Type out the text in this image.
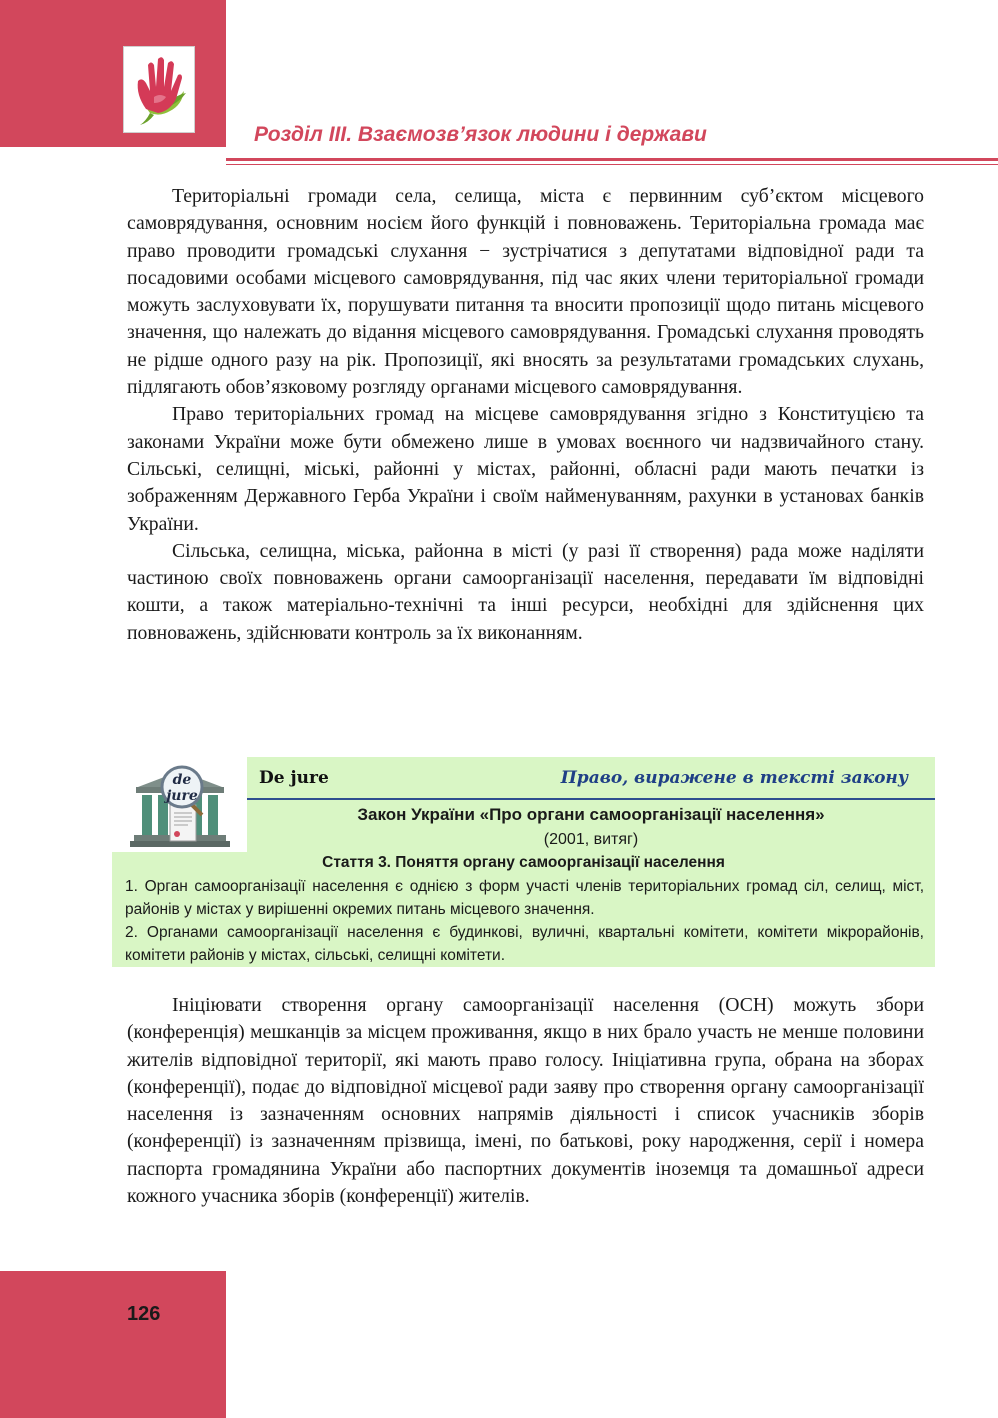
Розділ ІІІ. Взаємозв’язок людини і держави

Територіальні громади села, селища, міста є первинним суб’єктом місцевого самоврядування, основним носієм його функцій і повноважень. Територіальна громада має право проводити громадські слухання − зустрічатися з депутатами відповідної ради та посадовими особами місцевого самоврядування, під час яких члени територіальної громади можуть заслуховувати їх, порушувати питання та вносити пропозиції щодо питань місцевого значення, що належать до відання місцевого самоврядування. Громадські слухання проводять не рідше одного разу на рік. Пропозиції, які вносять за результатами громадських слухань, підлягають обов’язковому розгляду органами місцевого самоврядування.

Право територіальних громад на місцеве самоврядування згідно з Конституцією та законами України може бути обмежено лише в умовах воєнного чи надзвичайного стану. Сільські, селищні, міські, районні у містах, районні, обласні ради мають печатки із зображенням Державного Герба України і своїм найменуванням, рахунки в установах банків України.

Сільська, селищна, міська, районна в місті (у разі її створення) рада може наділяти частиною своїх повноважень органи самоорганізації населення, передавати їм відповідні кошти, а також матеріально-технічні та інші ресурси, необхідні для здійснення цих повноважень, здійснювати контроль за їх виконанням.

De jure	Право, виражене в тексті закону
Закон України «Про органи самоорганізації населення»
(2001, витяг)
Стаття 3. Поняття органу самоорганізації населення

1. Орган самоорганізації населення є однією з форм участі членів територіальних громад сіл, селищ, міст, районів у містах у вирішенні окремих питань місцевого значення.

2. Органами самоорганізації населення є будинкові, вуличні, квартальні комітети, комітети мікрорайонів, комітети районів у містах, сільські, селищні комітети.

de
jure

Ініціювати створення органу самоорганізації населення (ОСН) можуть збори (конференція) мешканців за місцем проживання, якщо в них брало участь не менше половини жителів відповідної території, які мають право голосу. Ініціативна група, обрана на зборах (конференції), подає до відповідної місцевої ради заяву про створення органу самоорганізації населення із зазначенням основних напрямів діяльності і список учасників зборів (конференції) із зазначенням прізвища, імені, по батькові, року народження, серії і номера паспорта громадянина України або паспортних документів іноземця та домашньої адреси кожного учасника зборів (конференції) жителів.

126
